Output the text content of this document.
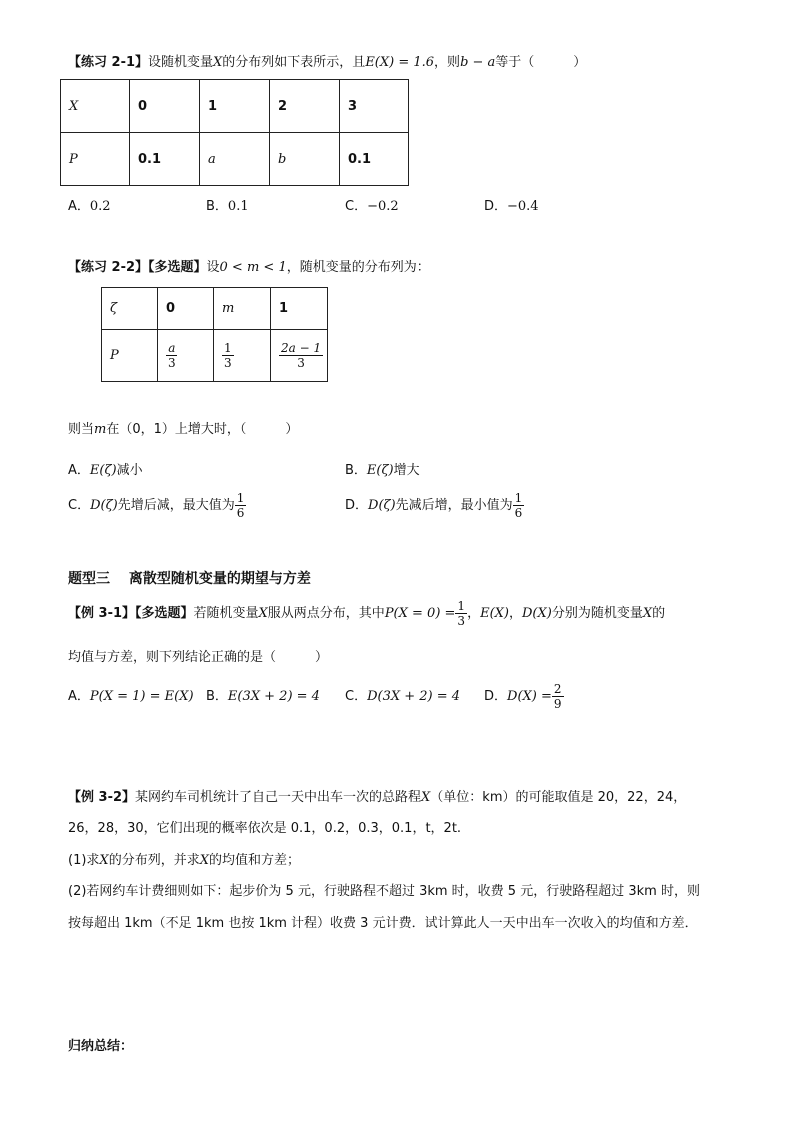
【练习 2-1】设随机变量X的分布列如下表所示，且E(X) = 1.6，则b − a等于（　　　）
X	0	1	2	3
P	0.1	a	b	0.1
A．0.2	B．0.1	C．−0.2	D．−0.4
【练习 2-2】【多选题】设0 < m < 1，随机变量的分布列为：
ζ	0	m	1
P	$\frac{a}{3}$	$\frac{1}{3}$	$\frac{2a - 1}{3}$
则当m在（0，1）上增大时，（　　　）
A．E(ζ)减小	B．E(ζ)增大
C．D(ζ)先增后减，最大值为 $\frac{1}{6}$	D．D(ζ)先减后增，最小值为 $\frac{1}{6}$
题型三　 离散型随机变量的期望与方差
【例 3-1】【多选题】若随机变量X服从两点分布，其中$P(X = 0) = \frac{1}{3}$ ，E(X)，D(X)分别为随机变量X的
均值与方差，则下列结论正确的是（　　　）
A．P(X = 1) = E(X) B．E(3X + 2) = 4 C．D(3X + 2) = 4 D．$D(X) = \frac{2}{9}$
【例 3-2】某网约车司机统计了自己一天中出车一次的总路程X（单位：km）的可能取值是 20，22，24，
26，28，30，它们出现的概率依次是 0.1，0.2，0.3，0.1，t，2t.
(1)求X的分布列，并求X的均值和方差；
(2)若网约车计费细则如下：起步价为 5 元，行驶路程不超过 3km 时，收费 5 元，行驶路程超过 3km 时，则
按每超出 1km（不足 1km 也按 1km 计程）收费 3 元计费．试计算此人一天中出车一次收入的均值和方差．
归纳总结：
